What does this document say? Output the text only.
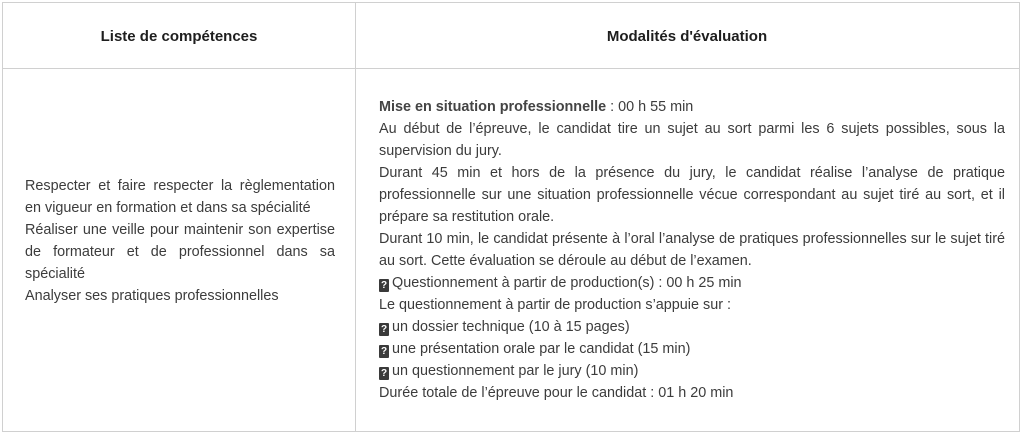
Liste de compétences	Modalités d'évaluation

Respecter et faire respecter la règlementation en vigueur en formation et dans sa spécialité

Réaliser une veille pour maintenir son expertise de formateur et de professionnel dans sa spécialité

Analyser ses pratiques professionnelles

Mise en situation professionnelle : 00 h 55 min

Au début de l’épreuve, le candidat tire un sujet au sort parmi les 6 sujets possibles, sous la supervision du jury.

Durant 45 min et hors de la présence du jury, le candidat réalise l’analyse de pratique professionnelle sur une situation professionnelle vécue correspondant au sujet tiré au sort, et il prépare sa restitution orale.

Durant 10 min, le candidat présente à l’oral l’analyse de pratiques professionnelles sur le sujet tiré au sort. Cette évaluation se déroule au début de l’examen.

? Questionnement à partir de production(s) : 00 h 25 min

Le questionnement à partir de production s’appuie sur :

? un dossier technique (10 à 15 pages)

? une présentation orale par le candidat (15 min)

? un questionnement par le jury (10 min)

Durée totale de l’épreuve pour le candidat : 01 h 20 min
